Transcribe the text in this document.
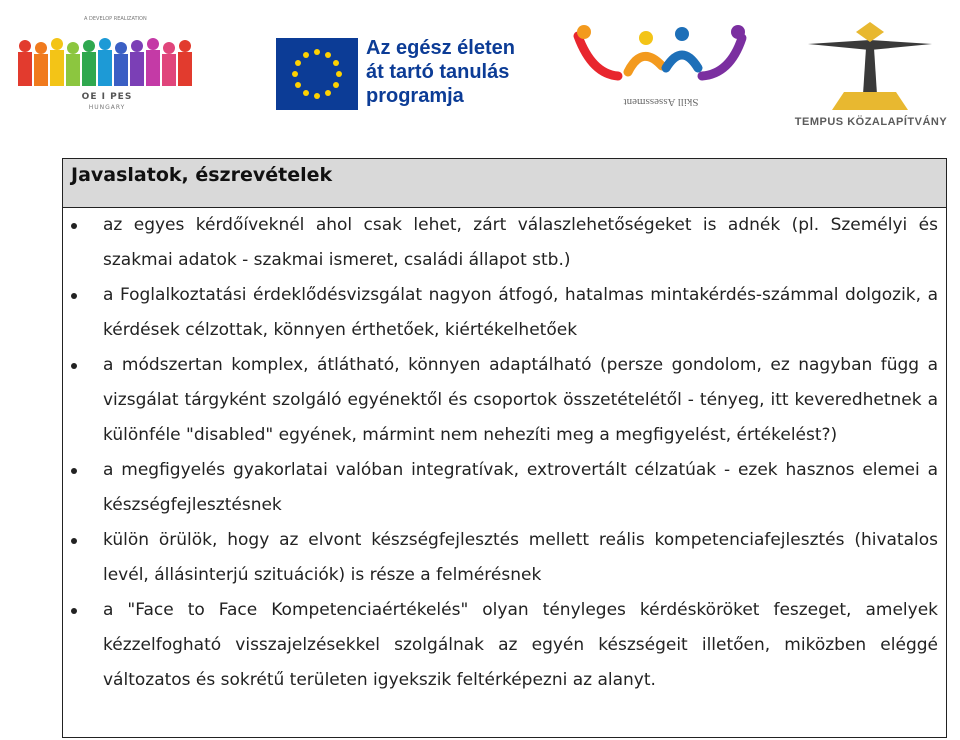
A DEVELOP REALIZATION
OE I PES
HUNGARY
Az egész életen
át tartó tanulás
programja	Skill Assessment
TEMPUS KÖZALAPÍTVÁNY
Javaslatok, észrevételek
az egyes kérdőíveknél ahol csak lehet, zárt válaszlehetőségeket is adnék (pl. Személyi és szakmai adatok - szakmai ismeret, családi állapot stb.)
a Foglalkoztatási érdeklődésvizsgálat nagyon átfogó, hatalmas mintakérdés-számmal dolgozik, a kérdések célzottak, könnyen érthetőek, kiértékelhetőek
a módszertan komplex, átlátható, könnyen adaptálható (persze gondolom, ez nagyban függ a vizsgálat tárgyként szolgáló egyénektől és csoportok összetételétől - tényeg, itt keveredhetnek a különféle "disabled" egyének, mármint nem nehezíti meg a megfigyelést, értékelést?)
a megfigyelés gyakorlatai valóban integratívak, extrovertált célzatúak - ezek hasznos elemei a készségfejlesztésnek
külön örülök, hogy az elvont készségfejlesztés mellett reális kompetenciafejlesztés (hivatalos levél, állásinterjú szituációk) is része a felmérésnek
a "Face to Face Kompetenciaértékelés" olyan tényleges kérdésköröket feszeget, amelyek kézzelfogható visszajelzésekkel szolgálnak az egyén készségeit illetően, miközben eléggé változatos és sokrétű területen igyekszik feltérképezni az alanyt.
